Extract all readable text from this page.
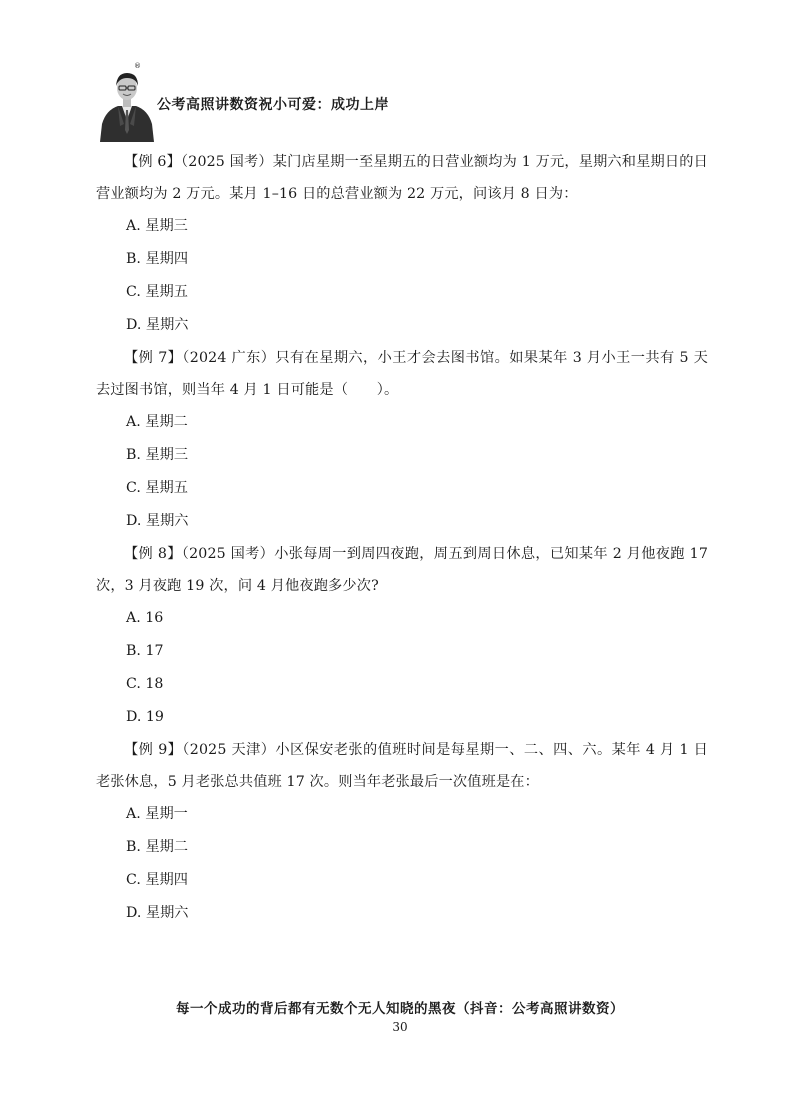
®
公考高照讲数资祝小可爱：成功上岸

【例 6】（2025 国考）某门店星期一至星期五的日营业额均为 1 万元，星期六和星期日的日营业额均为 2 万元。某月 1–16 日的总营业额为 22 万元，问该月 8 日为：

A. 星期三

B. 星期四

C. 星期五

D. 星期六

【例 7】（2024 广东）只有在星期六，小王才会去图书馆。如果某年 3 月小王一共有 5 天去过图书馆，则当年 4 月 1 日可能是（　　）。

A. 星期二

B. 星期三

C. 星期五

D. 星期六

【例 8】（2025 国考）小张每周一到周四夜跑，周五到周日休息，已知某年 2 月他夜跑 17 次，3 月夜跑 19 次，问 4 月他夜跑多少次?

A. 16

B. 17

C. 18

D. 19

【例 9】（2025 天津）小区保安老张的值班时间是每星期一、二、四、六。某年 4 月 1 日老张休息，5 月老张总共值班 17 次。则当年老张最后一次值班是在：

A. 星期一

B. 星期二

C. 星期四

D. 星期六

每一个成功的背后都有无数个无人知晓的黑夜（抖音：公考高照讲数资）
30
